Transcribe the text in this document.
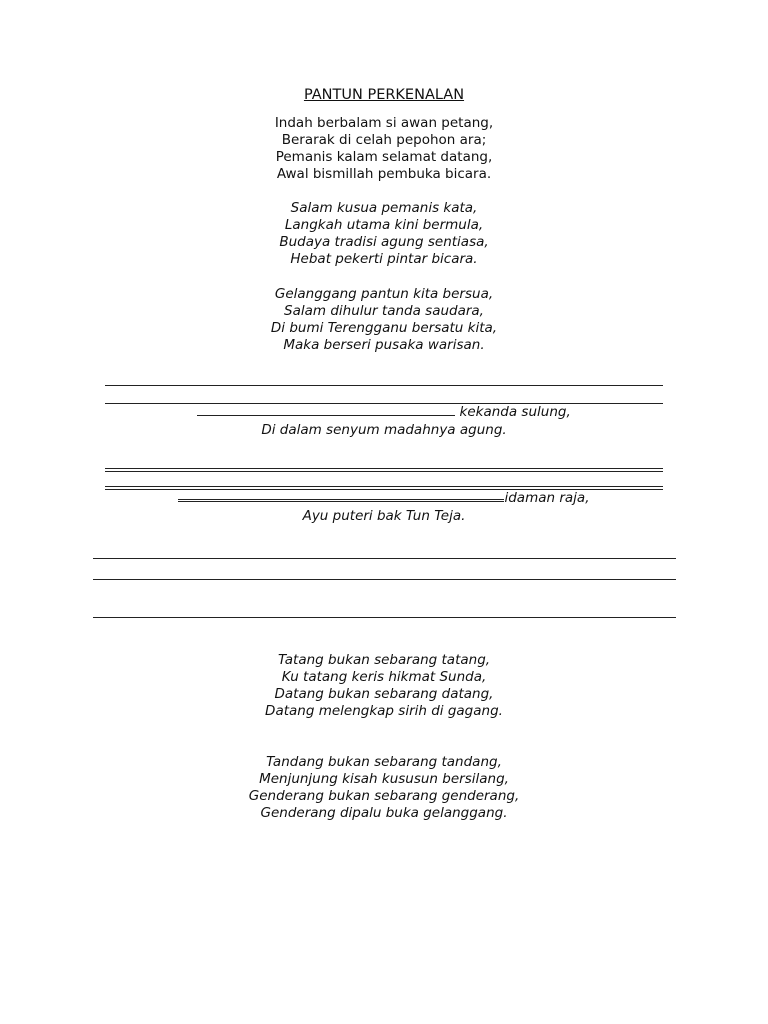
PANTUN PERKENALAN
Indah berbalam si awan petang,
Berarak di celah pepohon ara;
Pemanis kalam selamat datang,
Awal bismillah pembuka bicara.
Salam kusua pemanis kata,
Langkah utama kini bermula,
Budaya tradisi agung sentiasa,
Hebat pekerti pintar bicara.
Gelanggang pantun kita bersua,
Salam dihulur tanda saudara,
Di bumi Terengganu bersatu kita,
Maka berseri pusaka warisan.
kekanda sulung,
Di dalam senyum madahnya agung.
idaman raja,
Ayu puteri bak Tun Teja.
Tatang bukan sebarang tatang,
Ku tatang keris hikmat Sunda,
Datang bukan sebarang datang,
Datang melengkap sirih di gagang.
Tandang bukan sebarang tandang,
Menjunjung kisah kususun bersilang,
Genderang bukan sebarang genderang,
Genderang dipalu buka gelanggang.
